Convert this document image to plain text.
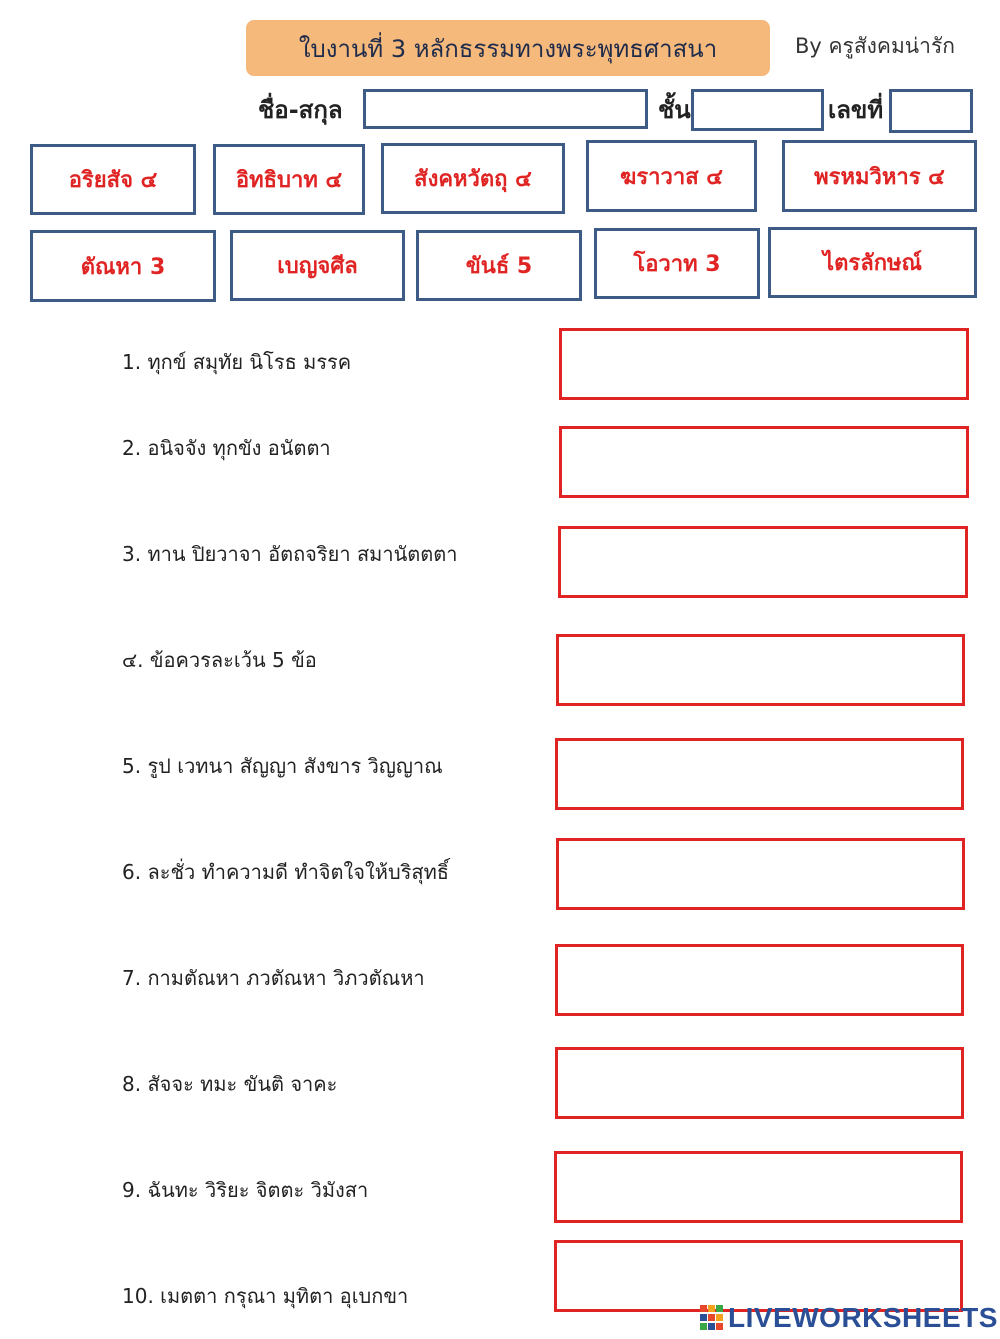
ใบงานที่ 3 หลักธรรมทางพระพุทธศาสนา	By ครูสังคมน่ารัก
ชื่อ-สกุล	ชั้น	เลขที่
อริยสัจ ๔	อิทธิบาท ๔	สังคหวัตถุ ๔	ฆราวาส ๔	พรหมวิหาร ๔
ตัณหา 3	เบญจศีล	ขันธ์ 5	โอวาท 3	ไตรลักษณ์
1. ทุกข์ สมุทัย นิโรธ มรรค
2. อนิจจัง ทุกขัง อนัตตา
3. ทาน ปิยวาจา อัตถจริยา สมานัตตตา
๔. ข้อควรละเว้น 5 ข้อ
5. รูป เวทนา สัญญา สังขาร วิญญาณ
6. ละชั่ว ทำความดี ทำจิตใจให้บริสุทธิ์
7. กามตัณหา ภวตัณหา วิภวตัณหา
8. สัจจะ ทมะ ขันติ จาคะ
9. ฉันทะ วิริยะ จิตตะ วิมังสา
10. เมตตา กรุณา มุทิตา อุเบกขา
LIVEWORKSHEETS
